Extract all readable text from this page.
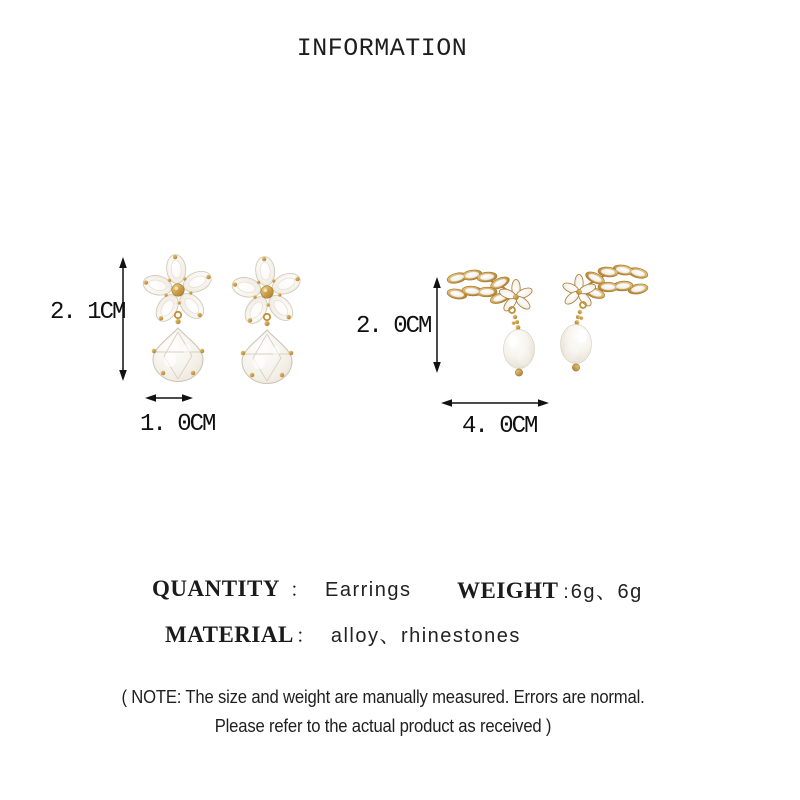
INFORMATION
2. 1CM
1. 0CM
2. 0CM
4. 0CM
QUANTITY ： Earrings WEIGHT : 6g、6g
MATERIAL ： alloy、rhinestones
( NOTE: The size and weight are manually measured. Errors are normal.
Please refer to the actual product as received )
